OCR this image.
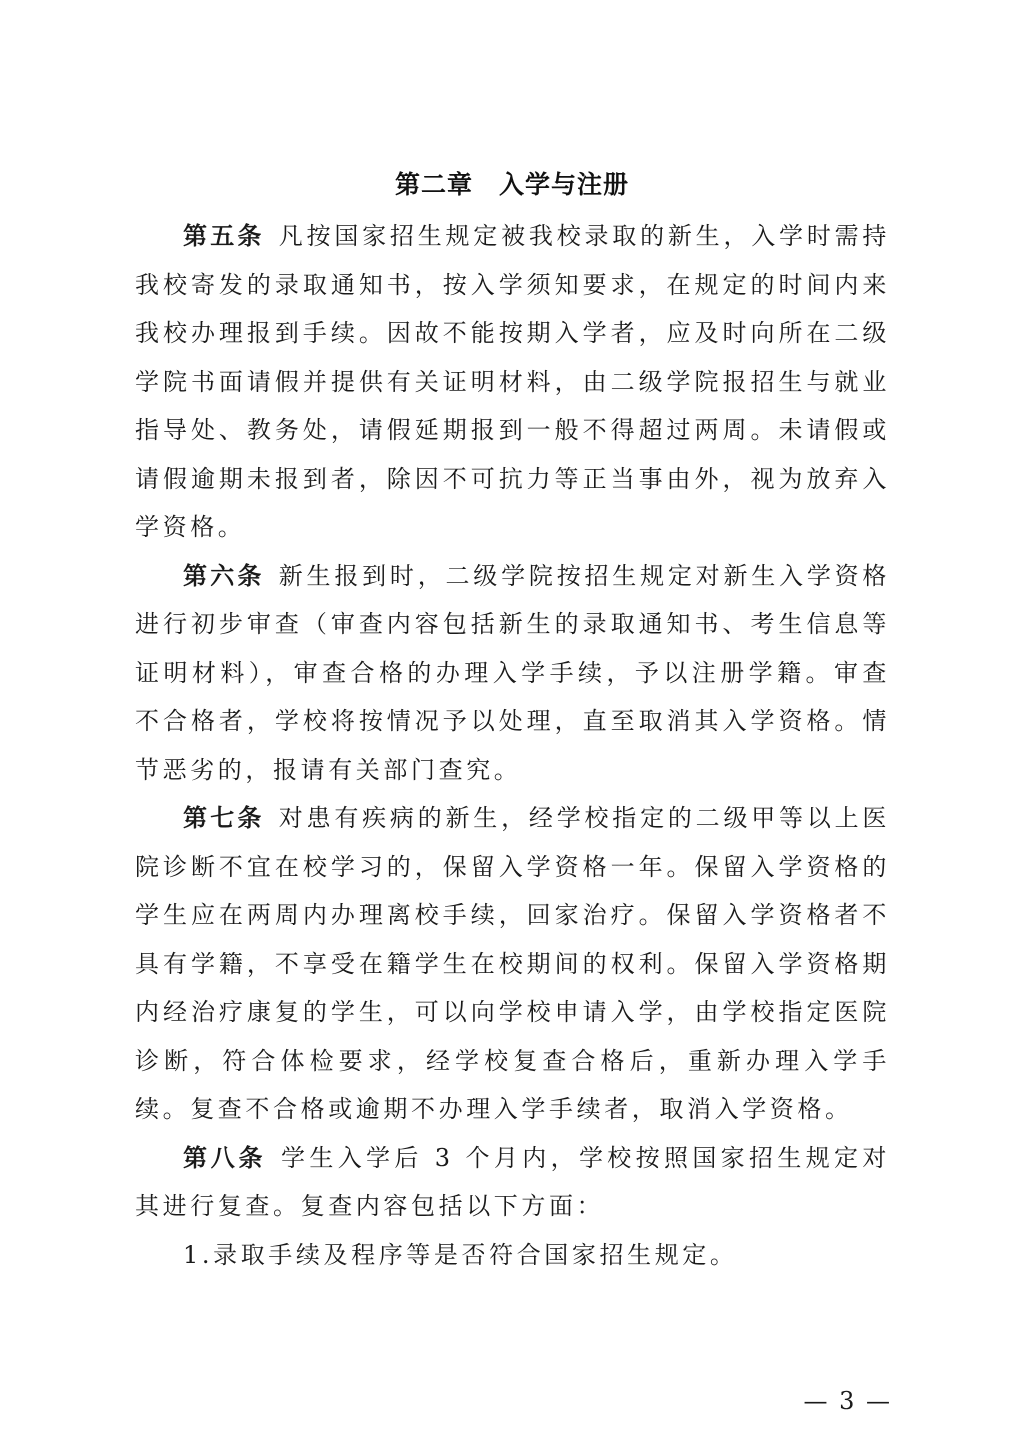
第二章　入学与注册

第五条 凡按国家招生规定被我校录取的新生，入学时需持我校寄发的录取通知书，按入学须知要求，在规定的时间内来我校办理报到手续。因故不能按期入学者，应及时向所在二级学院书面请假并提供有关证明材料，由二级学院报招生与就业指导处、教务处，请假延期报到一般不得超过两周。未请假或请假逾期未报到者，除因不可抗力等正当事由外，视为放弃入学资格。

第六条 新生报到时，二级学院按招生规定对新生入学资格进行初步审查（审查内容包括新生的录取通知书、考生信息等证明材料），审查合格的办理入学手续，予以注册学籍。审查不合格者，学校将按情况予以处理，直至取消其入学资格。情节恶劣的，报请有关部门查究。

第七条 对患有疾病的新生，经学校指定的二级甲等以上医院诊断不宜在校学习的，保留入学资格一年。保留入学资格的学生应在两周内办理离校手续，回家治疗。保留入学资格者不具有学籍，不享受在籍学生在校期间的权利。保留入学资格期内经治疗康复的学生，可以向学校申请入学，由学校指定医院诊断，符合体检要求，经学校复查合格后，重新办理入学手续。复查不合格或逾期不办理入学手续者，取消入学资格。

第八条 学生入学后 3 个月内，学校按照国家招生规定对其进行复查。复查内容包括以下方面：

1.录取手续及程序等是否符合国家招生规定。

— 3 —
